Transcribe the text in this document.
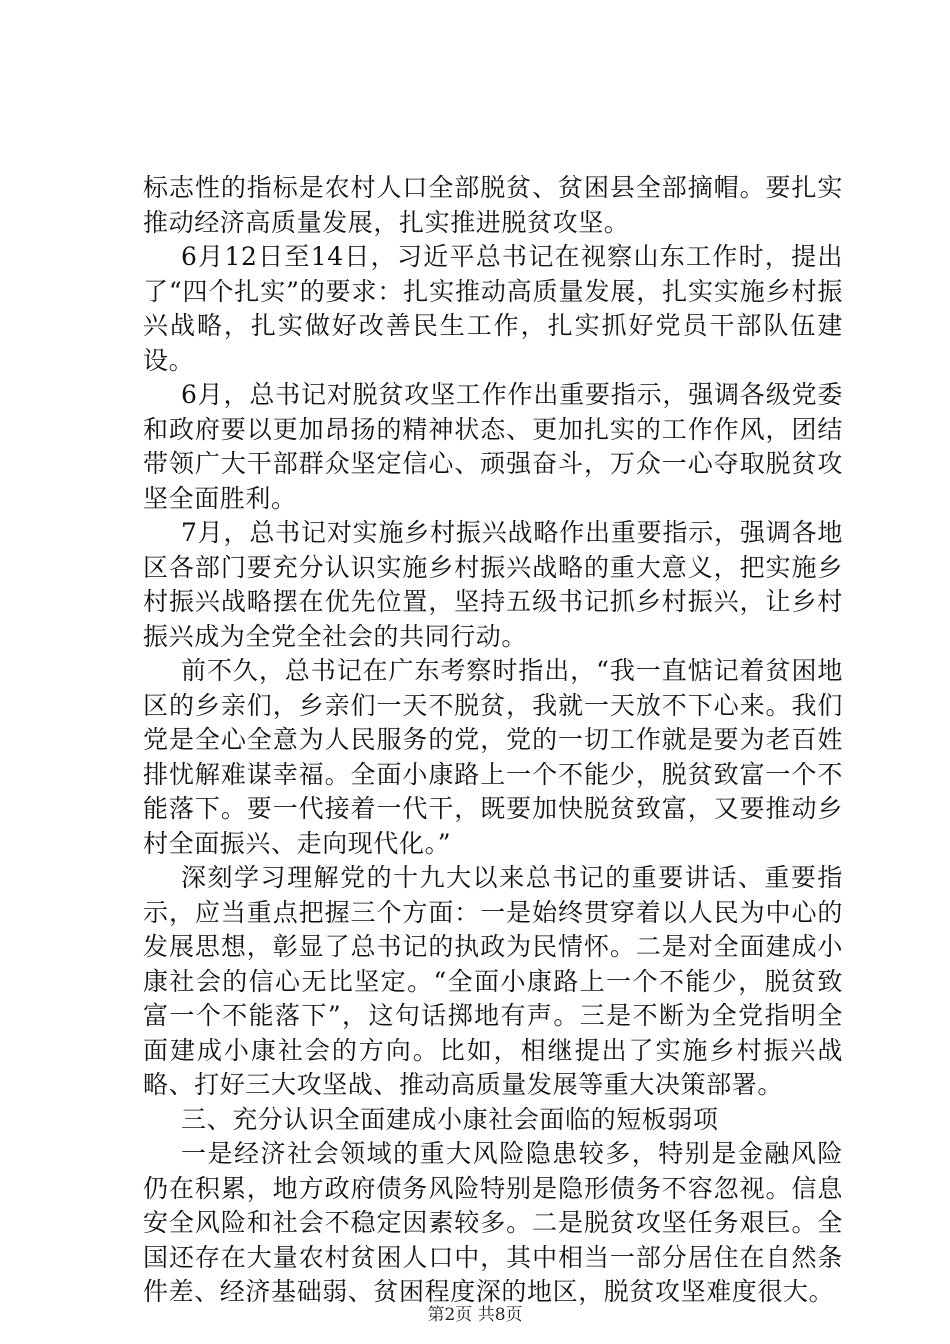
标志性的指标是农村人口全部脱贫、贫困县全部摘帽。要扎实推动经济高质量发展，扎实推进脱贫攻坚。

6月12日至14日，习近平总书记在视察山东工作时，提出了“四个扎实”的要求：扎实推动高质量发展，扎实实施乡村振兴战略，扎实做好改善民生工作，扎实抓好党员干部队伍建设。

6月，总书记对脱贫攻坚工作作出重要指示，强调各级党委和政府要以更加昂扬的精神状态、更加扎实的工作作风，团结带领广大干部群众坚定信心、顽强奋斗，万众一心夺取脱贫攻坚全面胜利。

7月，总书记对实施乡村振兴战略作出重要指示，强调各地区各部门要充分认识实施乡村振兴战略的重大意义，把实施乡村振兴战略摆在优先位置，坚持五级书记抓乡村振兴，让乡村振兴成为全党全社会的共同行动。

前不久，总书记在广东考察时指出，“我一直惦记着贫困地区的乡亲们，乡亲们一天不脱贫，我就一天放不下心来。我们党是全心全意为人民服务的党，党的一切工作就是要为老百姓排忧解难谋幸福。全面小康路上一个不能少，脱贫致富一个不能落下。要一代接着一代干，既要加快脱贫致富，又要推动乡村全面振兴、走向现代化。”

深刻学习理解党的十九大以来总书记的重要讲话、重要指示，应当重点把握三个方面：一是始终贯穿着以人民为中心的发展思想，彰显了总书记的执政为民情怀。二是对全面建成小康社会的信心无比坚定。“全面小康路上一个不能少，脱贫致富一个不能落下”，这句话掷地有声。三是不断为全党指明全面建成小康社会的方向。比如，相继提出了实施乡村振兴战略、打好三大攻坚战、推动高质量发展等重大决策部署。

三、充分认识全面建成小康社会面临的短板弱项

一是经济社会领域的重大风险隐患较多，特别是金融风险仍在积累，地方政府债务风险特别是隐形债务不容忽视。信息安全风险和社会不稳定因素较多。二是脱贫攻坚任务艰巨。全国还存在大量农村贫困人口中，其中相当一部分居住在自然条件差、经济基础弱、贫困程度深的地区，脱贫攻坚难度很大。

第2页 共8页
